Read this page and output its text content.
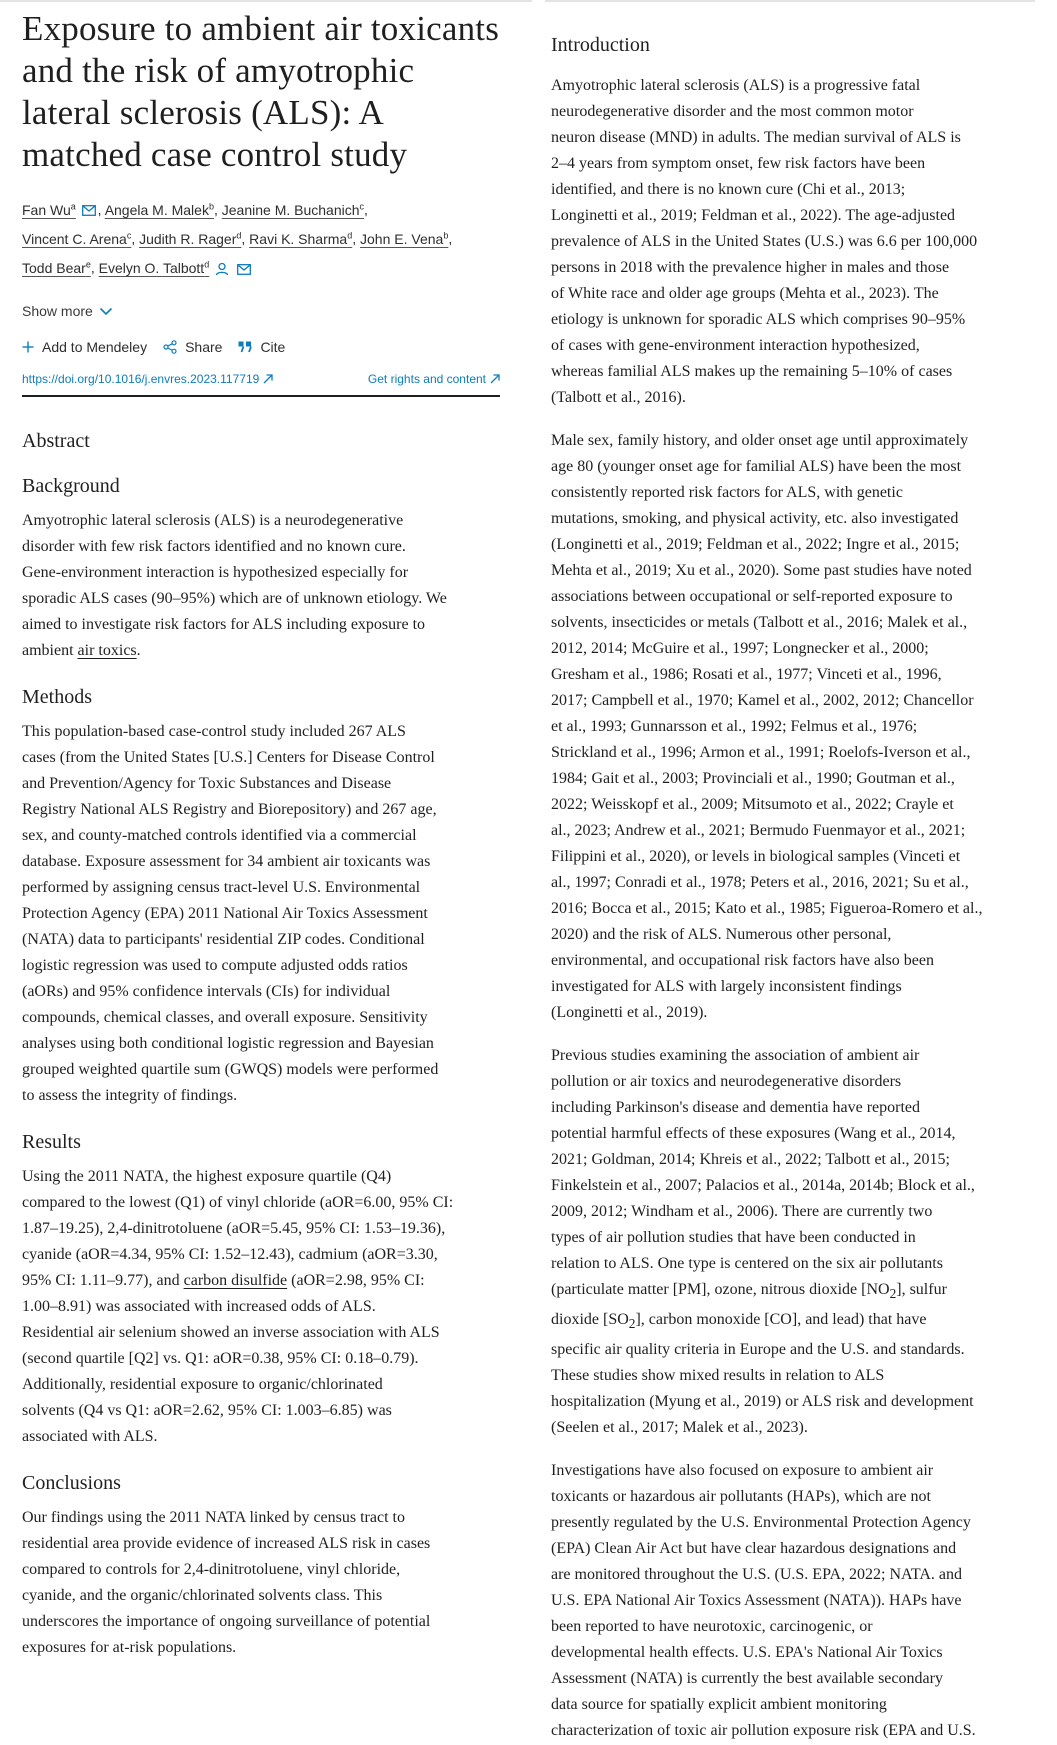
Exposure to ambient air toxicants and the risk of amyotrophic lateral sclerosis (ALS): A matched case control study
Fan Wu$^a$ , Angela M. Malek$^b$, Jeanine M. Buchanich$^c$,
Vincent C. Arena$^c$, Judith R. Rager$^d$, Ravi K. Sharma$^d$, John E. Vena$^b$,
Todd Bear$^e$, Evelyn O. Talbott$^d$
Show more
Add to Mendeley	Share	Cite
https://doi.org/10.1016/j.envres.2023.117719	Get rights and content
Abstract
Background

Amyotrophic lateral sclerosis (ALS) is a neurodegenerative
disorder with few risk factors identified and no known cure.
Gene-environment interaction is hypothesized especially for
sporadic ALS cases (90–95%) which are of unknown etiology. We
aimed to investigate risk factors for ALS including exposure to
ambient air toxics.

Methods

This population-based case-control study included 267 ALS
cases (from the United States [U.S.] Centers for Disease Control
and Prevention/Agency for Toxic Substances and Disease
Registry National ALS Registry and Biorepository) and 267 age,
sex, and county-matched controls identified via a commercial
database. Exposure assessment for 34 ambient air toxicants was
performed by assigning census tract-level U.S. Environmental
Protection Agency (EPA) 2011 National Air Toxics Assessment
(NATA) data to participants' residential ZIP codes. Conditional
logistic regression was used to compute adjusted odds ratios
(aORs) and 95% confidence intervals (CIs) for individual
compounds, chemical classes, and overall exposure. Sensitivity
analyses using both conditional logistic regression and Bayesian
grouped weighted quartile sum (GWQS) models were performed
to assess the integrity of findings.

Results

Using the 2011 NATA, the highest exposure quartile (Q4)
compared to the lowest (Q1) of vinyl chloride (aOR=6.00, 95% CI:
1.87–19.25), 2,4-dinitrotoluene (aOR=5.45, 95% CI: 1.53–19.36),
cyanide (aOR=4.34, 95% CI: 1.52–12.43), cadmium (aOR=3.30,
95% CI: 1.11–9.77), and carbon disulfide (aOR=2.98, 95% CI:
1.00–8.91) was associated with increased odds of ALS.
Residential air selenium showed an inverse association with ALS
(second quartile [Q2] vs. Q1: aOR=0.38, 95% CI: 0.18–0.79).
Additionally, residential exposure to organic/chlorinated
solvents (Q4 vs Q1: aOR=2.62, 95% CI: 1.003–6.85) was
associated with ALS.

Conclusions

Our findings using the 2011 NATA linked by census tract to
residential area provide evidence of increased ALS risk in cases
compared to controls for 2,4-dinitrotoluene, vinyl chloride,
cyanide, and the organic/chlorinated solvents class. This
underscores the importance of ongoing surveillance of potential
exposures for at-risk populations.

Introduction

Amyotrophic lateral sclerosis (ALS) is a progressive fatal
neurodegenerative disorder and the most common motor
neuron disease (MND) in adults. The median survival of ALS is
2–4 years from symptom onset, few risk factors have been
identified, and there is no known cure (Chi et al., 2013;
Longinetti et al., 2019; Feldman et al., 2022). The age-adjusted
prevalence of ALS in the United States (U.S.) was 6.6 per 100,000
persons in 2018 with the prevalence higher in males and those
of White race and older age groups (Mehta et al., 2023). The
etiology is unknown for sporadic ALS which comprises 90–95%
of cases with gene-environment interaction hypothesized,
whereas familial ALS makes up the remaining 5–10% of cases
(Talbott et al., 2016).

Male sex, family history, and older onset age until approximately
age 80 (younger onset age for familial ALS) have been the most
consistently reported risk factors for ALS, with genetic
mutations, smoking, and physical activity, etc. also investigated
(Longinetti et al., 2019; Feldman et al., 2022; Ingre et al., 2015;
Mehta et al., 2019; Xu et al., 2020). Some past studies have noted
associations between occupational or self-reported exposure to
solvents, insecticides or metals (Talbott et al., 2016; Malek et al.,
2012, 2014; McGuire et al., 1997; Longnecker et al., 2000;
Gresham et al., 1986; Rosati et al., 1977; Vinceti et al., 1996,
2017; Campbell et al., 1970; Kamel et al., 2002, 2012; Chancellor
et al., 1993; Gunnarsson et al., 1992; Felmus et al., 1976;
Strickland et al., 1996; Armon et al., 1991; Roelofs-Iverson et al.,
1984; Gait et al., 2003; Provinciali et al., 1990; Goutman et al.,
2022; Weisskopf et al., 2009; Mitsumoto et al., 2022; Crayle et
al., 2023; Andrew et al., 2021; Bermudo Fuenmayor et al., 2021;
Filippini et al., 2020), or levels in biological samples (Vinceti et
al., 1997; Conradi et al., 1978; Peters et al., 2016, 2021; Su et al.,
2016; Bocca et al., 2015; Kato et al., 1985; Figueroa-Romero et al.,
2020) and the risk of ALS. Numerous other personal,
environmental, and occupational risk factors have also been
investigated for ALS with largely inconsistent findings
(Longinetti et al., 2019).

Previous studies examining the association of ambient air
pollution or air toxics and neurodegenerative disorders
including Parkinson's disease and dementia have reported
potential harmful effects of these exposures (Wang et al., 2014,
2021; Goldman, 2014; Khreis et al., 2022; Talbott et al., 2015;
Finkelstein et al., 2007; Palacios et al., 2014a, 2014b; Block et al.,
2009, 2012; Windham et al., 2006). There are currently two
types of air pollution studies that have been conducted in
relation to ALS. One type is centered on the six air pollutants
(particulate matter [PM], ozone, nitrous dioxide $[NO_2]$, sulfur
dioxide $[SO_2]$, carbon monoxide [CO], and lead) that have
specific air quality criteria in Europe and the U.S. and standards.
These studies show mixed results in relation to ALS
hospitalization (Myung et al., 2019) or ALS risk and development
(Seelen et al., 2017; Malek et al., 2023).

Investigations have also focused on exposure to ambient air
toxicants or hazardous air pollutants (HAPs), which are not
presently regulated by the U.S. Environmental Protection Agency
(EPA) Clean Air Act but have clear hazardous designations and
are monitored throughout the U.S. (U.S. EPA, 2022; NATA. and
U.S. EPA National Air Toxics Assessment (NATA)). HAPs have
been reported to have neurotoxic, carcinogenic, or
developmental health effects. U.S. EPA's National Air Toxics
Assessment (NATA) is currently the best available secondary
data source for spatially explicit ambient monitoring
characterization of toxic air pollution exposure risk (EPA and U.S.
